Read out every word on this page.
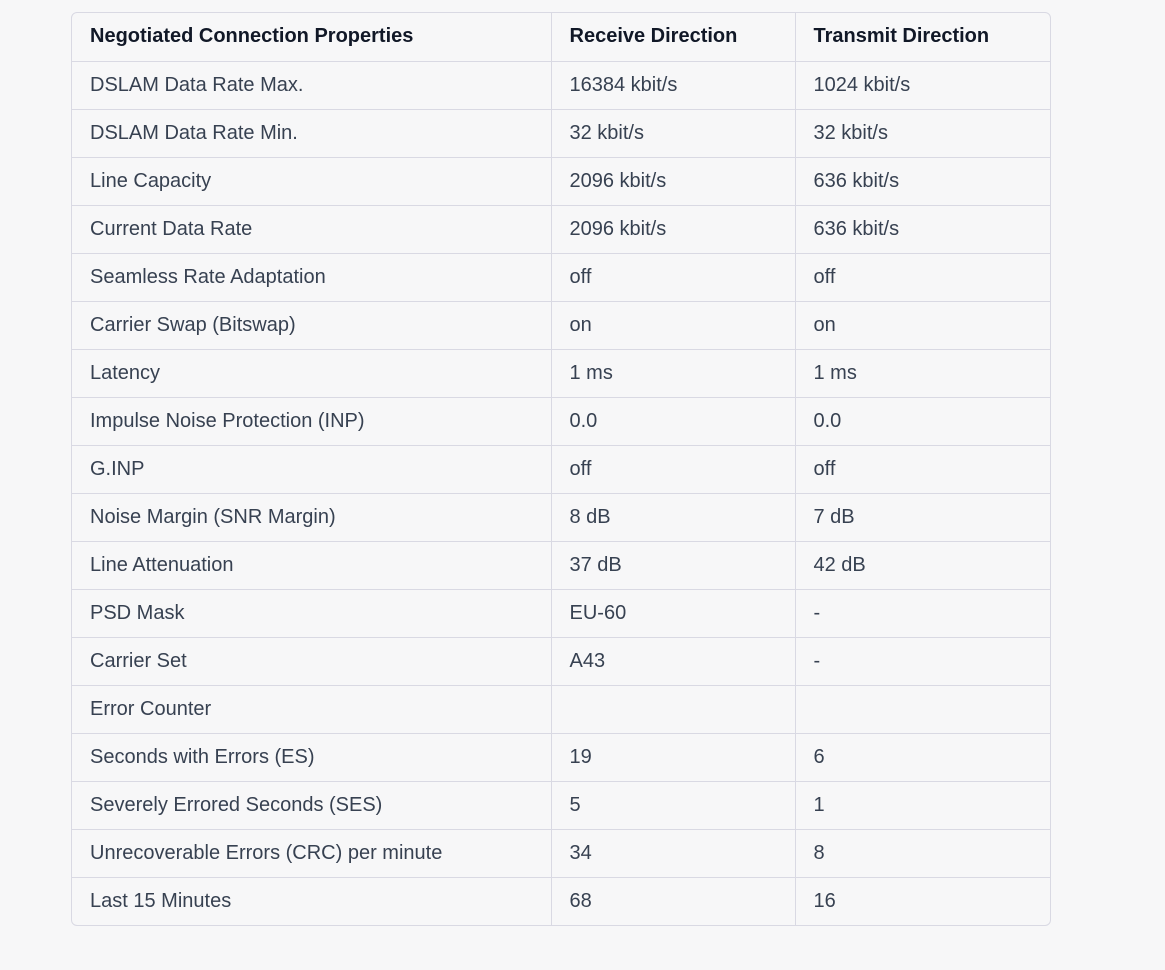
Negotiated Connection Properties	Receive Direction	Transmit Direction
DSLAM Data Rate Max.	16384 kbit/s	1024 kbit/s
DSLAM Data Rate Min.	32 kbit/s	32 kbit/s
Line Capacity	2096 kbit/s	636 kbit/s
Current Data Rate	2096 kbit/s	636 kbit/s
Seamless Rate Adaptation	off	off
Carrier Swap (Bitswap)	on	on
Latency	1 ms	1 ms
Impulse Noise Protection (INP)	0.0	0.0
G.INP	off	off
Noise Margin (SNR Margin)	8 dB	7 dB
Line Attenuation	37 dB	42 dB
PSD Mask	EU-60	-
Carrier Set	A43	-
Error Counter		
Seconds with Errors (ES)	19	6
Severely Errored Seconds (SES)	5	1
Unrecoverable Errors (CRC) per minute	34	8
Last 15 Minutes	68	16
